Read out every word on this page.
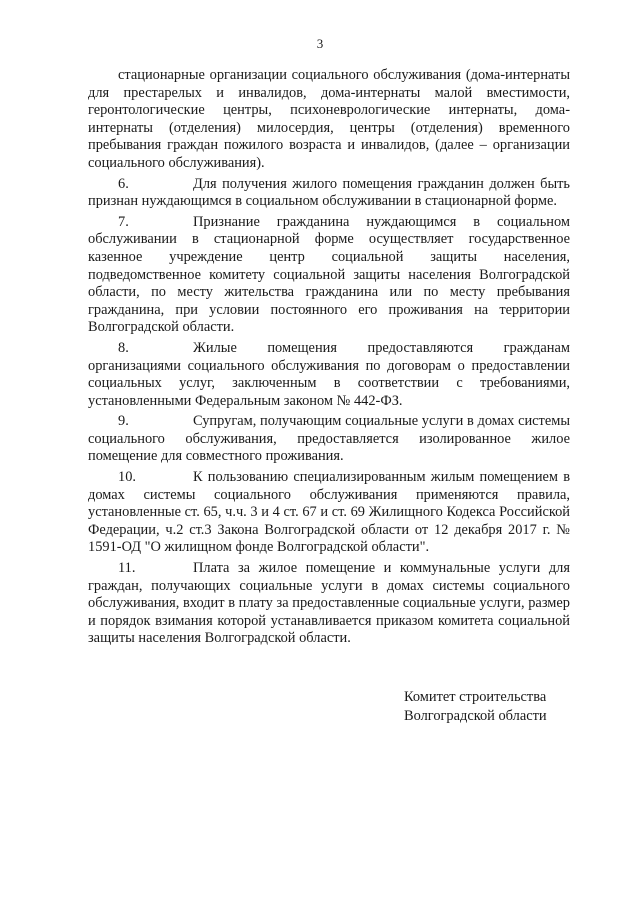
3

стационарные организации социального обслуживания (дома-интернаты для престарелых и инвалидов, дома-интернаты малой вместимости, геронтологические центры, психоневрологические интернаты, дома-интернаты (отделения) милосердия, центры (отделения) временного пребывания граждан пожилого возраста и инвалидов, (далее – организации социального обслуживания).

6.	Для получения жилого помещения гражданин должен быть признан нуждающимся в социальном обслуживании в стационарной форме.

7.	Признание гражданина нуждающимся в социальном обслуживании в стационарной форме осуществляет государственное казенное учреждение центр социальной защиты населения, подведомственное комитету социальной защиты населения Волгоградской области, по месту жительства гражданина или по месту пребывания гражданина, при условии постоянного его проживания на территории Волгоградской области.

8.	Жилые помещения предоставляются гражданам организациями социального обслуживания по договорам о предоставлении социальных услуг, заключенным в соответствии с требованиями, установленными Федеральным законом № 442-ФЗ.

9.	Супругам, получающим социальные услуги в домах системы социального обслуживания, предоставляется изолированное жилое помещение для совместного проживания.

10.	К пользованию специализированным жилым помещением в домах системы социального обслуживания применяются правила, установленные ст. 65, ч.ч. 3 и 4 ст. 67 и ст. 69 Жилищного Кодекса Российской Федерации, ч.2 ст.3 Закона Волгоградской области от 12 декабря 2017 г. № 1591-ОД "О жилищном фонде Волгоградской области".

11.	Плата за жилое помещение и коммунальные услуги для граждан, получающих социальные услуги в домах системы социального обслуживания, входит в плату за предоставленные социальные услуги, размер и порядок взимания которой устанавливается приказом комитета социальной защиты населения Волгоградской области.

Комитет строительства
Волгоградской области
